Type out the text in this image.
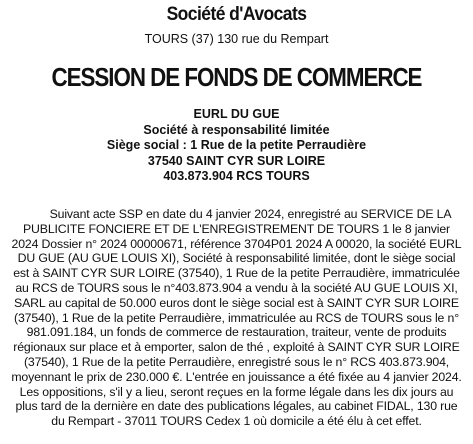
Société d'Avocats
TOURS (37) 130 rue du Rempart
CESSION DE FONDS DE COMMERCE
EURL DU GUE
Société à responsabilité limitée
Siège social : 1 Rue de la petite Perraudière
37540 SAINT CYR SUR LOIRE
403.873.904 RCS TOURS

Suivant acte SSP en date du 4 janvier 2024, enregistré au SERVICE DE LA PUBLICITE FONCIERE ET DE L'ENREGISTREMENT DE TOURS 1 le 8 janvier 2024 Dossier n° 2024 00000671, référence 3704P01 2024 A 00020, la société EURL DU GUE (AU GUE LOUIS XI), Société à responsabilité limitée, dont le siège social est à SAINT CYR SUR LOIRE (37540), 1 Rue de la petite Perraudière, immatriculée au RCS de TOURS sous le n°403.873.904 a vendu à la société AU GUE LOUIS XI, SARL au capital de 50.000 euros dont le siège social est à SAINT CYR SUR LOIRE (37540), 1 Rue de la petite Perraudière, immatriculée au RCS de TOURS sous le n° 981.091.184, un fonds de commerce de restauration, traiteur, vente de produits régionaux sur place et à emporter, salon de thé , exploité à SAINT CYR SUR LOIRE (37540), 1 Rue de la petite Perraudière, enregistré sous le n° RCS 403.873.904, moyennant le prix de 230.000 €. L'entrée en jouissance a été fixée au 4 janvier 2024. Les oppositions, s'il y a lieu, seront reçues en la forme légale dans les dix jours au plus tard de la dernière en date des publications légales, au cabinet FIDAL, 130 rue du Rempart - 37011 TOURS Cedex 1 où domicile a été élu à cet effet.
